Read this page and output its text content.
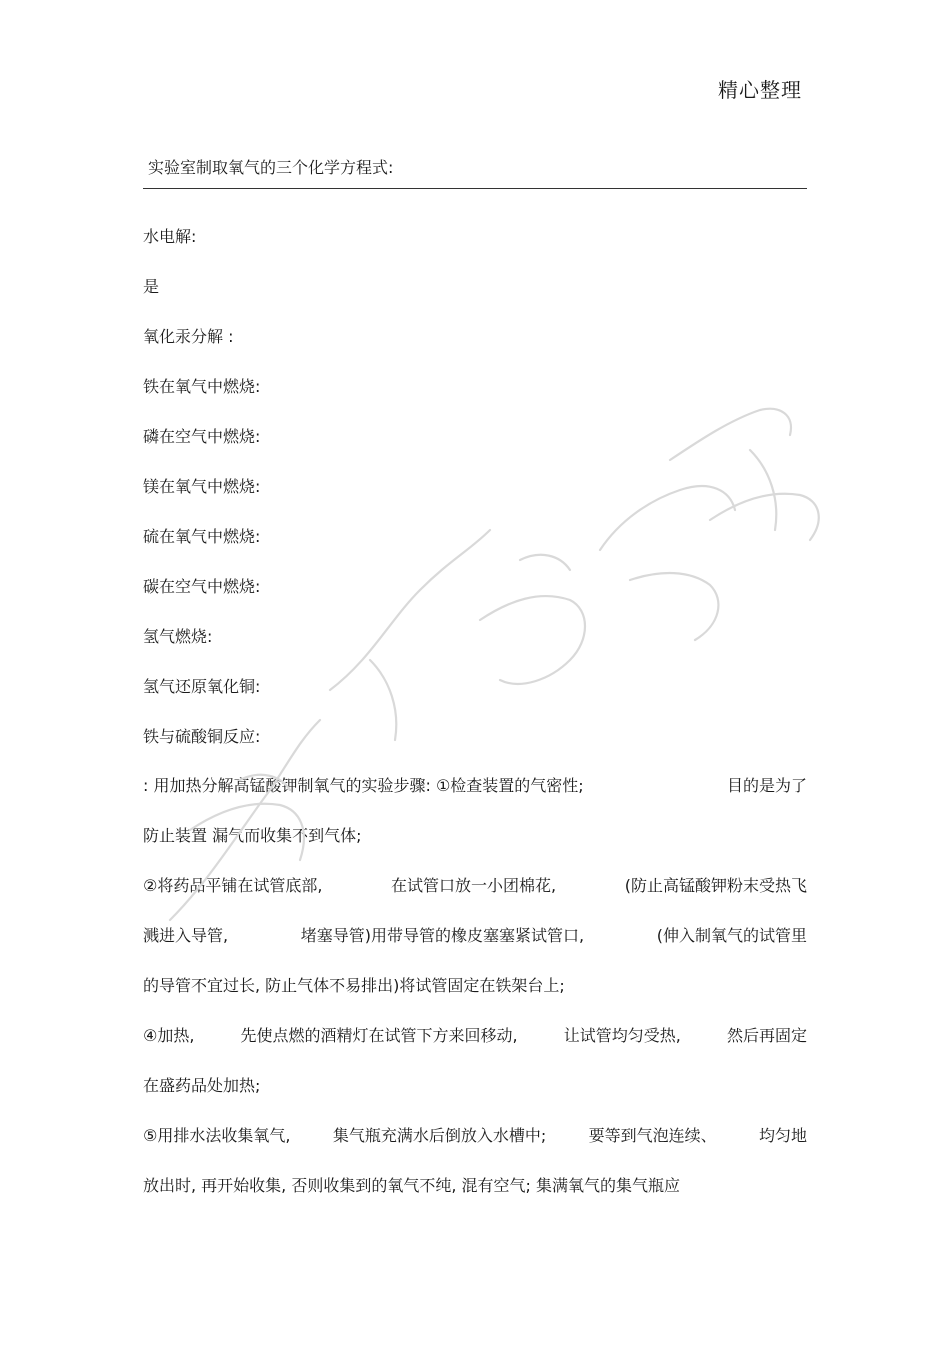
精心整理
实验室制取氧气的三个化学方程式:
水电解:
是
氧化汞分解 :
铁在氧气中燃烧:
磷在空气中燃烧:
镁在氧气中燃烧:
硫在氧气中燃烧:
碳在空气中燃烧:
氢气燃烧:
氢气还原氧化铜:
铁与硫酸铜反应:
: 用加热分解高锰酸钾制氧气的实验步骤: ①检查装置的气密性;	目的是为了
防止装置 漏气而收集不到气体;
②将药品平铺在试管底部,	在试管口放一小团棉花,	(防止高锰酸钾粉末受热飞
溅进入导管,	堵塞导管)用带导管的橡皮塞塞紧试管口,	(伸入制氧气的试管里
的导管不宜过长, 防止气体不易排出)将试管固定在铁架台上;
④加热,	先使点燃的酒精灯在试管下方来回移动,	让试管均匀受热,	然后再固定
在盛药品处加热;
⑤用排水法收集氧气,	集气瓶充满水后倒放入水槽中;	要等到气泡连续、	均匀地
放出时, 再开始收集, 否则收集到的氧气不纯, 混有空气; 集满氧气的集气瓶应
